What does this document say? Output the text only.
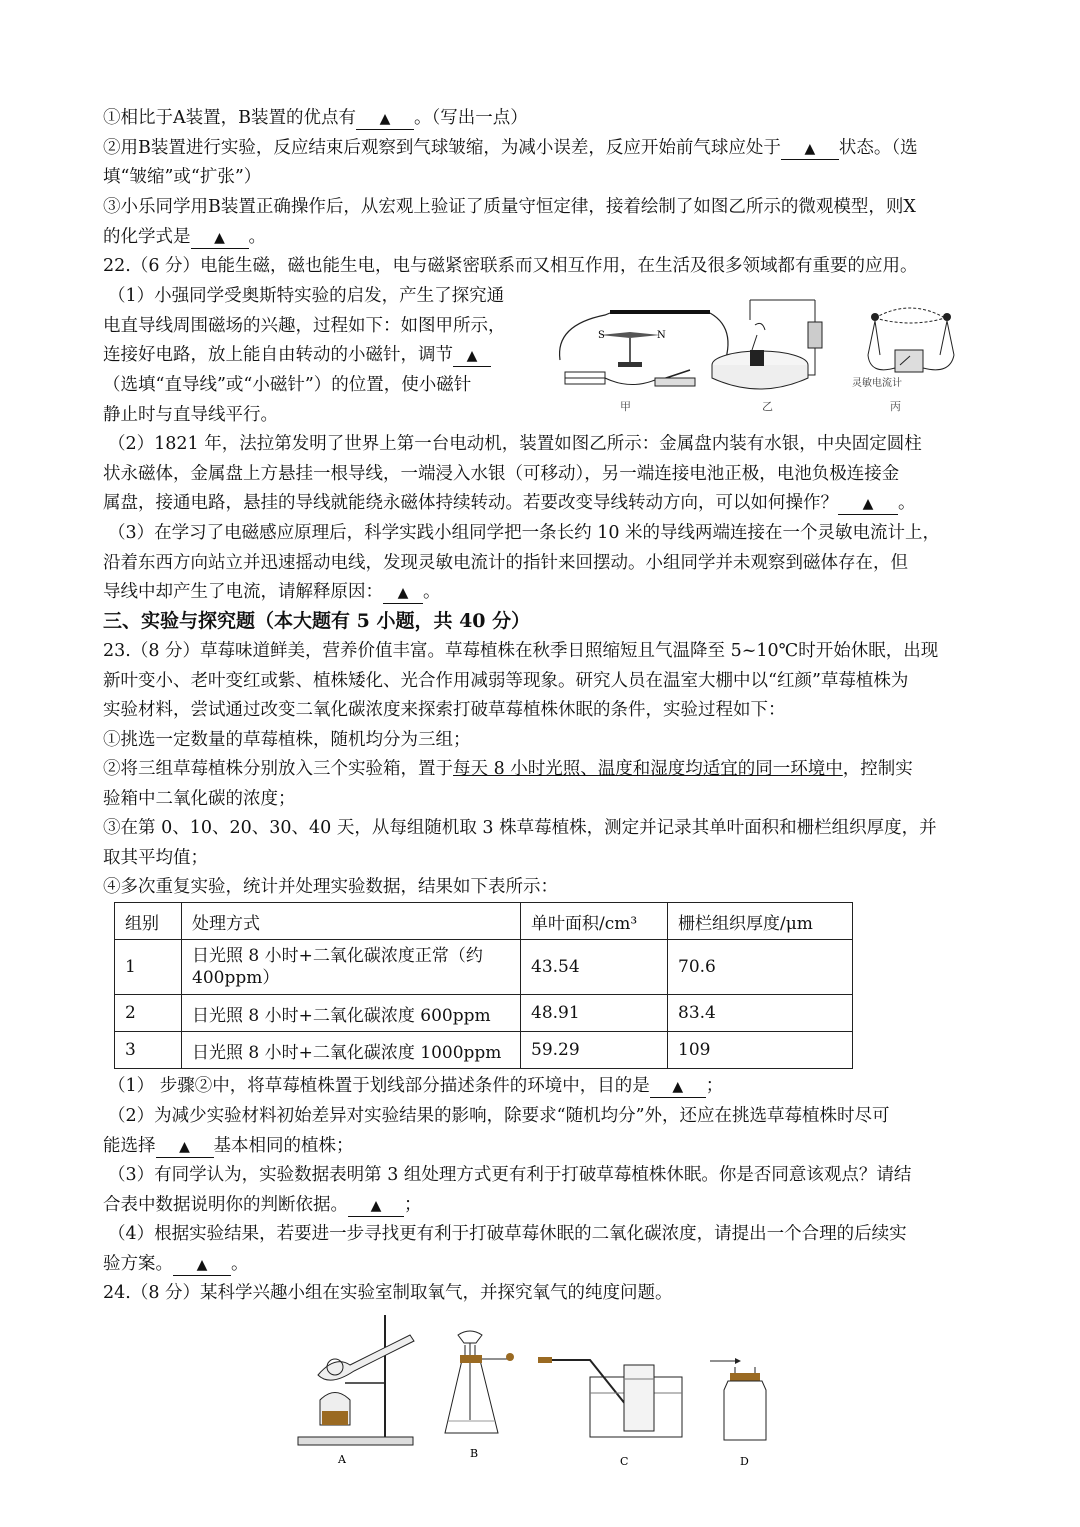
①相比于A装置，B装置的优点有 ▲ 。（写出一点）
②用B装置进行实验，反应结束后观察到气球皱缩，为减小误差，反应开始前气球应处于 ▲ 状态。（选
填“皱缩”或“扩张”）
③小乐同学用B装置正确操作后，从宏观上验证了质量守恒定律，接着绘制了如图乙所示的微观模型，则X
的化学式是 ▲ 。
22.（6 分）电能生磁，磁也能生电，电与磁紧密联系而又相互作用，在生活及很多领域都有重要的应用。
（1）小强同学受奥斯特实验的启发，产生了探究通
电直导线周围磁场的兴趣，过程如下：如图甲所示，
连接好电路，放上能自由转动的小磁针，调节 ▲
（选填“直导线”或“小磁针”）的位置，使小磁针
静止时与直导线平行。
S	N
甲	乙
灵敏电流计
丙
（2）1821 年，法拉第发明了世界上第一台电动机，装置如图乙所示：金属盘内装有水银，中央固定圆柱
状永磁体，金属盘上方悬挂一根导线，一端浸入水银（可移动），另一端连接电池正极，电池负极连接金
属盘，接通电路，悬挂的导线就能绕永磁体持续转动。若要改变导线转动方向，可以如何操作？ ▲ 。
（3）在学习了电磁感应原理后，科学实践小组同学把一条长约 10 米的导线两端连接在一个灵敏电流计上，
沿着东西方向站立并迅速摇动电线，发现灵敏电流计的指针来回摆动。小组同学并未观察到磁体存在，但
导线中却产生了电流，请解释原因： ▲ 。
三、实验与探究题（本大题有 5 小题，共 40 分）
23.（8 分）草莓味道鲜美，营养价值丰富。草莓植株在秋季日照缩短且气温降至 5~10℃时开始休眠，出现
新叶变小、老叶变红或紫、植株矮化、光合作用减弱等现象。研究人员在温室大棚中以“红颜”草莓植株为
实验材料，尝试通过改变二氧化碳浓度来探索打破草莓植株休眠的条件，实验过程如下：
①挑选一定数量的草莓植株，随机均分为三组；
②将三组草莓植株分别放入三个实验箱，置于每天 8 小时光照、温度和湿度均适宜的同一环境中，控制实
验箱中二氧化碳的浓度；
③在第 0、10、20、30、40 天，从每组随机取 3 株草莓植株，测定并记录其单叶面积和栅栏组织厚度，并
取其平均值；
④多次重复实验，统计并处理实验数据，结果如下表所示：
组别	处理方式	单叶面积/cm³	栅栏组织厚度/μm
1	日光照 8 小时+二氧化碳浓度正常（约
400ppm）	43.54	70.6
2	日光照 8 小时+二氧化碳浓度 600ppm	48.91	83.4
3	日光照 8 小时+二氧化碳浓度 1000ppm	59.29	109
（1） 步骤②中，将草莓植株置于划线部分描述条件的环境中，目的是 ▲ ；
（2）为减少实验材料初始差异对实验结果的影响，除要求“随机均分”外，还应在挑选草莓植株时尽可
能选择 ▲ 基本相同的植株；
（3）有同学认为，实验数据表明第 3 组处理方式更有利于打破草莓植株休眠。你是否同意该观点？请结
合表中数据说明你的判断依据。 ▲ ；
（4）根据实验结果，若要进一步寻找更有利于打破草莓休眠的二氧化碳浓度，请提出一个合理的后续实
验方案。 ▲ 。
24.（8 分）某科学兴趣小组在实验室制取氧气，并探究氧气的纯度问题。
A	B
C	D
